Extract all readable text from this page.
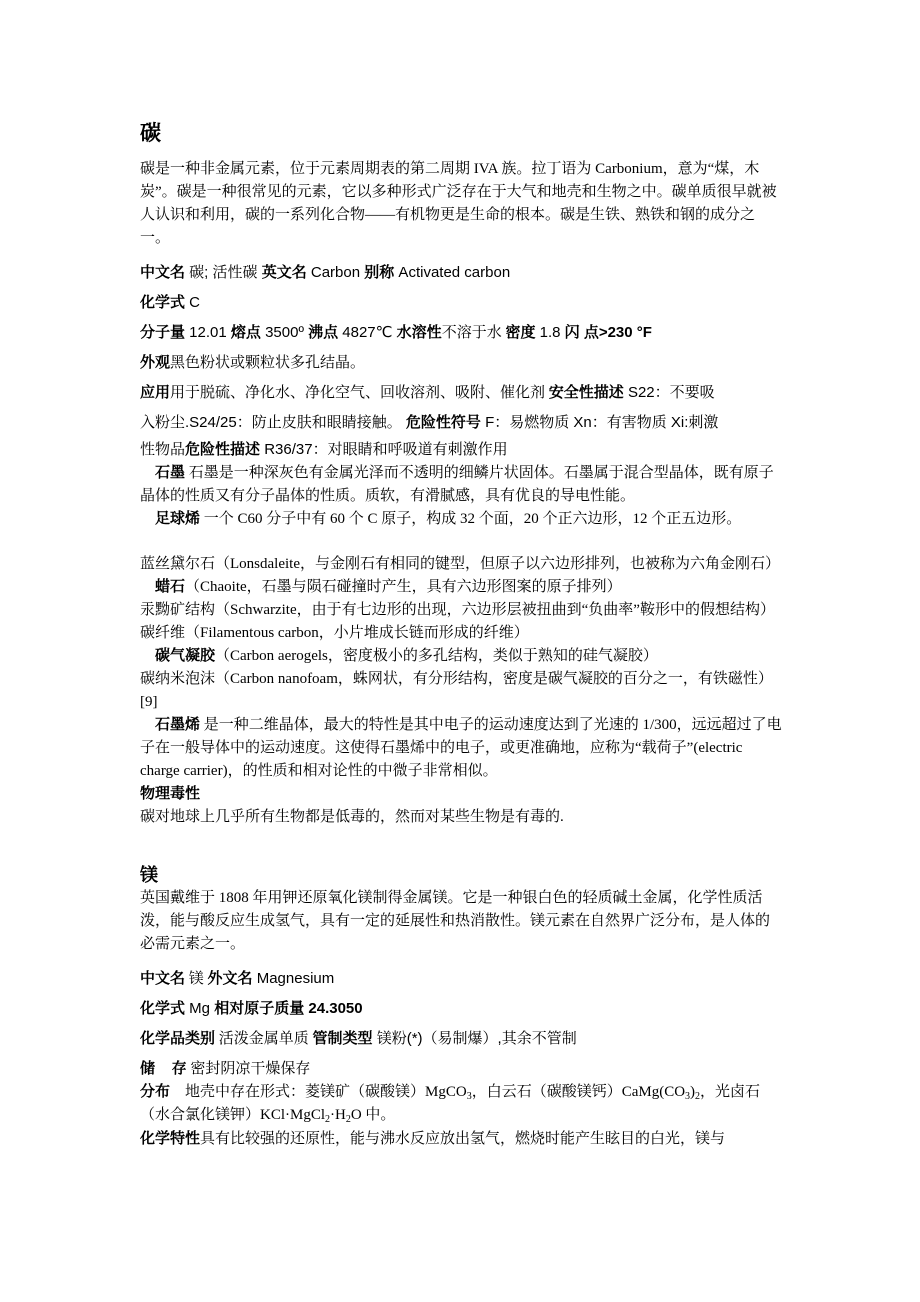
碳

碳是一种非金属元素，位于元素周期表的第二周期 IVA 族。拉丁语为 Carbonium，意为“煤，木炭”。碳是一种很常见的元素，它以多种形式广泛存在于大气和地壳和生物之中。碳单质很早就被人认识和利用，碳的一系列化合物——有机物更是生命的根本。碳是生铁、熟铁和钢的成分之一。

中文名 碳; 活性碳 英文名 Carbon 别称 Activated carbon

化学式 C

分子量 12.01 熔点 3500º 沸点 4827℃ 水溶性不溶于水 密度 1.8 闪 点>230 °F

外观黑色粉状或颗粒状多孔结晶。

应用用于脱硫、净化水、净化空气、回收溶剂、吸附、催化剂 安全性描述 S22：不要吸

入粉尘.S24/25：防止皮肤和眼睛接触。 危险性符号 F：易燃物质 Xn：有害物质 Xi:刺激

性物品危险性描述 R36/37：对眼睛和呼吸道有刺激作用

石墨 石墨是一种深灰色有金属光泽而不透明的细鳞片状固体。石墨属于混合型晶体，既有原子晶体的性质又有分子晶体的性质。质软，有滑腻感，具有优良的导电性能。

足球烯 一个 C60 分子中有 60 个 C 原子，构成 32 个面，20 个正六边形，12 个正五边形。

蓝丝黛尔石（Lonsdaleite，与金刚石有相同的键型，但原子以六边形排列，也被称为六角金刚石）

蜡石（Chaoite，石墨与陨石碰撞时产生，具有六边形图案的原子排列）

汞黝矿结构（Schwarzite，由于有七边形的出现，六边形层被扭曲到“负曲率”鞍形中的假想结构）碳纤维（Filamentous carbon，小片堆成长链而形成的纤维）

碳气凝胶（Carbon aerogels，密度极小的多孔结构，类似于熟知的硅气凝胶）

碳纳米泡沫（Carbon nanofoam，蛛网状，有分形结构，密度是碳气凝胶的百分之一，有铁磁性）[9]

石墨烯 是一种二维晶体，最大的特性是其中电子的运动速度达到了光速的 1/300，远远超过了电子在一般导体中的运动速度。这使得石墨烯中的电子，或更准确地，应称为“载荷子”(electric charge carrier)，的性质和相对论性的中微子非常相似。

物理毒性

碳对地球上几乎所有生物都是低毒的，然而对某些生物是有毒的.

镁

英国戴维于 1808 年用钾还原氧化镁制得金属镁。它是一种银白色的轻质碱土金属，化学性质活泼，能与酸反应生成氢气，具有一定的延展性和热消散性。镁元素在自然界广泛分布，是人体的必需元素之一。

中文名 镁 外文名 Magnesium

化学式 Mg 相对原子质量 24.3050

化学品类别 活泼金属单质 管制类型 镁粉(*)（易制爆）,其余不管制

储    存 密封阴凉干燥保存

分布    地壳中存在形式：菱镁矿（碳酸镁）MgCO$_3$，白云石（碳酸镁钙）$CaMg(CO_3)_2$，光卤石（水合氯化镁钾）$KCl\cdot MgCl_2\cdot H_2O$ 中。

化学特性具有比较强的还原性，能与沸水反应放出氢气，燃烧时能产生眩目的白光，镁与
